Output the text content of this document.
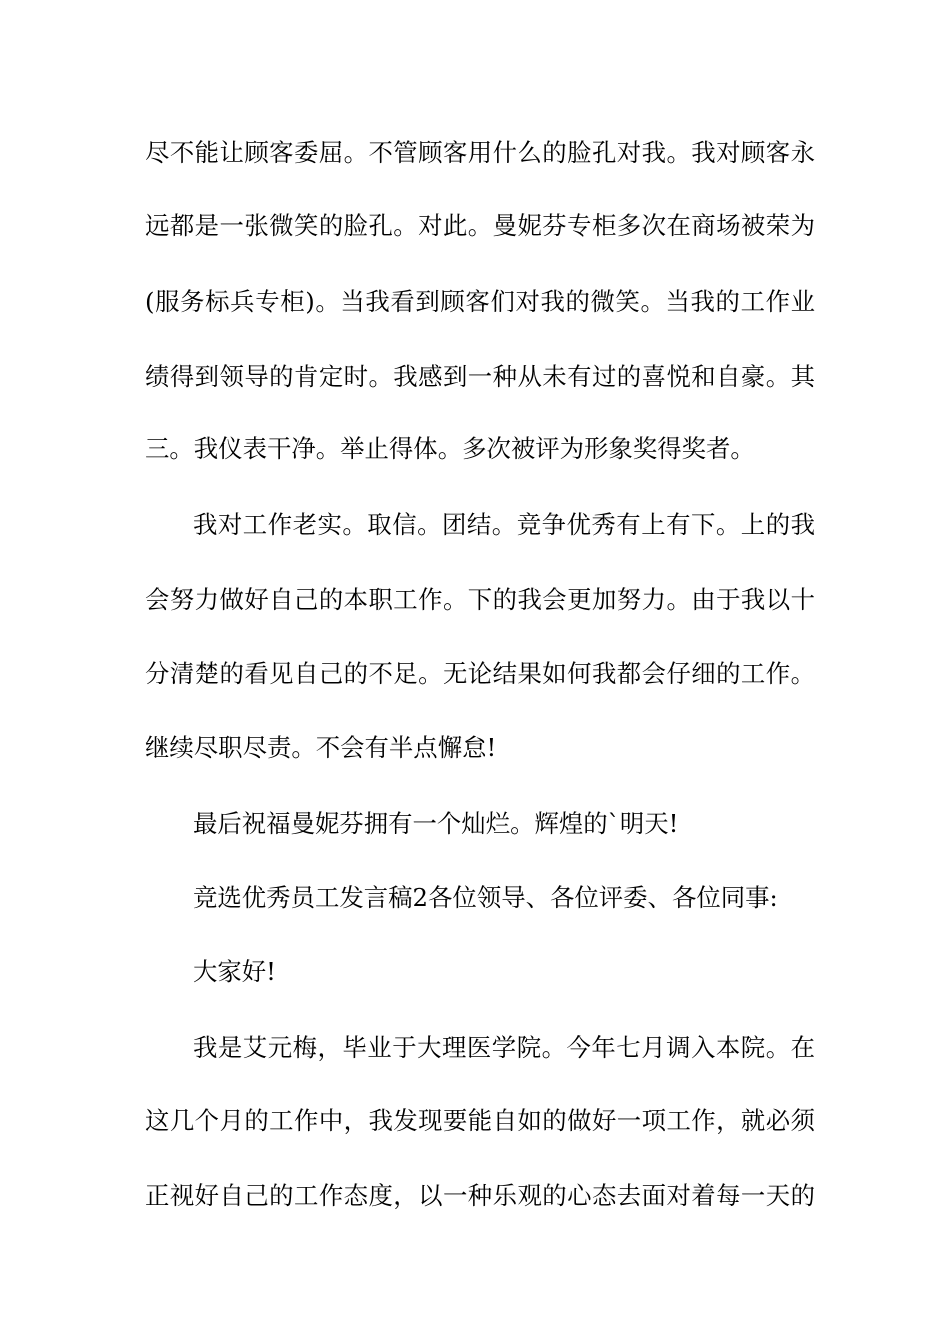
尽不能让顾客委屈。不管顾客用什么的脸孔对我。我对顾客永
远都是一张微笑的脸孔。对此。曼妮芬专柜多次在商场被荣为
(服务标兵专柜)。当我看到顾客们对我的微笑。当我的工作业
绩得到领导的肯定时。我感到一种从未有过的喜悦和自豪。其
三。我仪表干净。举止得体。多次被评为形象奖得奖者。
我对工作老实。取信。团结。竞争优秀有上有下。上的我
会努力做好自己的本职工作。下的我会更加努力。由于我以十
分清楚的看见自己的不足。无论结果如何我都会仔细的工作。
继续尽职尽责。不会有半点懈怠!
最后祝福曼妮芬拥有一个灿烂。辉煌的`明天!
竞选优秀员工发言稿2各位领导、各位评委、各位同事:
大家好!
我是艾元梅，毕业于大理医学院。今年七月调入本院。在
这几个月的工作中，我发现要能自如的做好一项工作，就必须
正视好自己的工作态度，以一种乐观的心态去面对着每一天的
